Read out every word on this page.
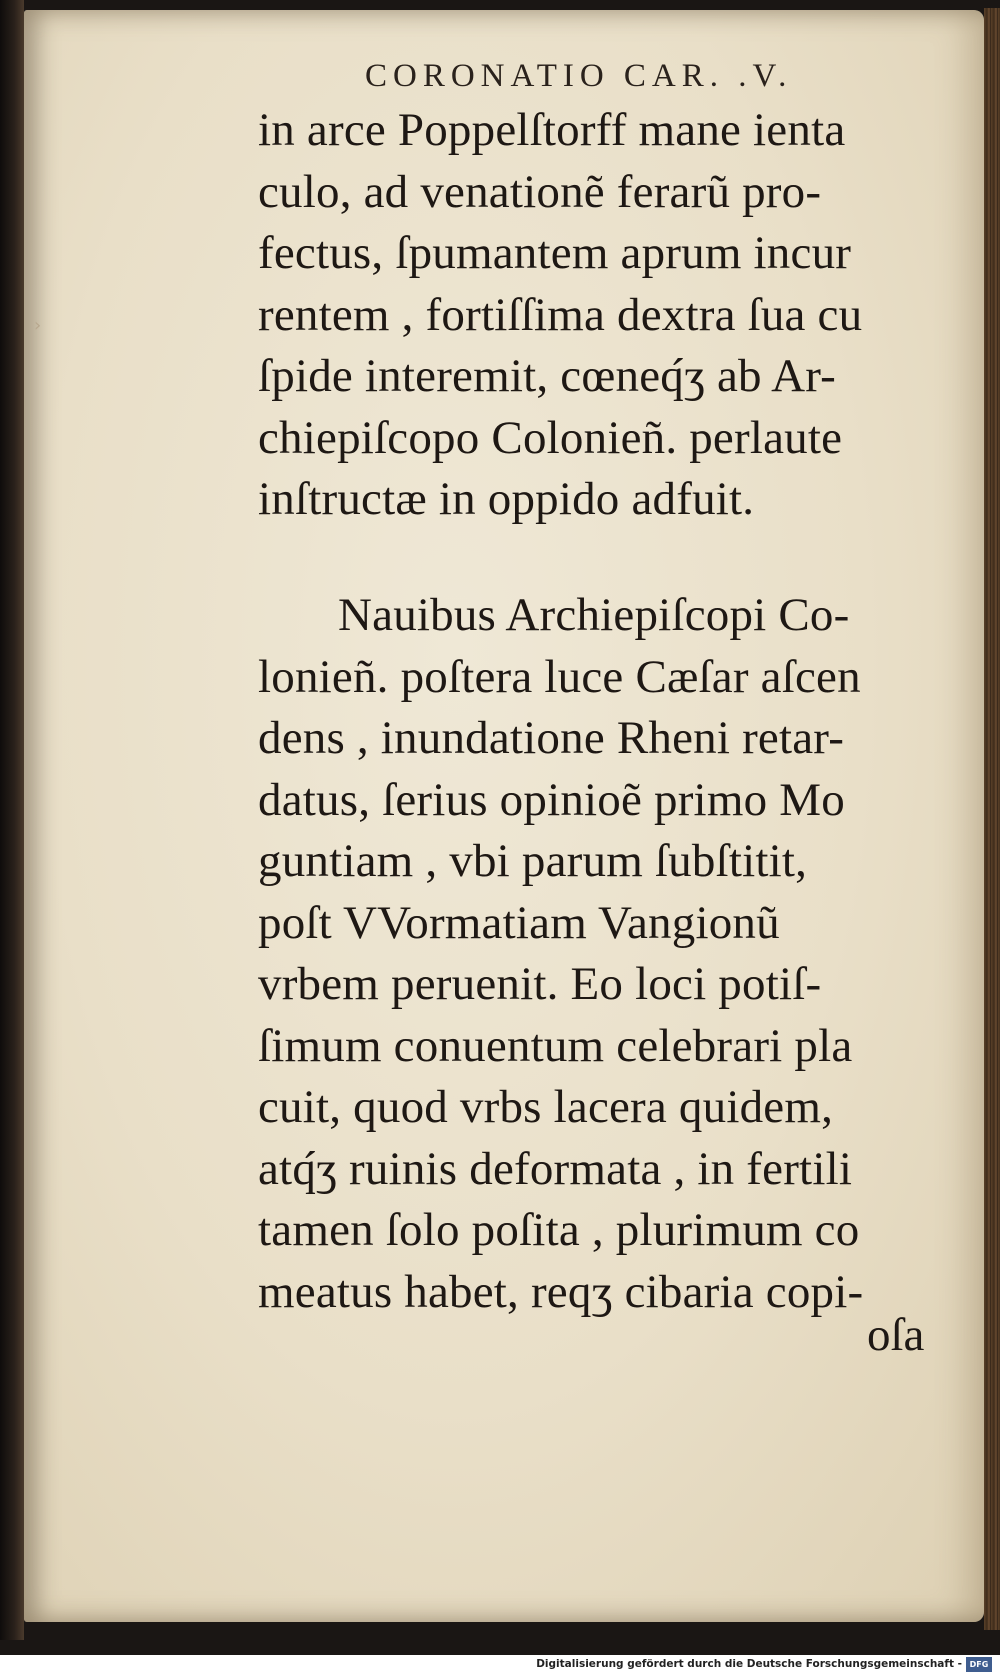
›
CORONATIO CAR. .V.
in arce Poppelſtorff mane ienta
culo, ad venationẽ ferarũ pro-
fectus, ſpumantem aprum incur
rentem , fortiſſima dextra ſua cu
ſpide interemit, cœneq́ʒ ab Ar-
chiepiſcopo Colonieñ. perlaute
inſtructæ in oppido adfuit.
Nauibus Archiepiſcopi Co-
lonieñ. poſtera luce Cæſar aſcen
dens , inundatione Rheni retar-
datus, ſerius opinioẽ primo Mo
guntiam , vbi parum ſubſtitit,
poſt VVormatiam Vangionũ
vrbem peruenit. Eo loci potiſ-
ſimum conuentum celebrari pla
cuit, quod vrbs lacera quidem,
atq́ʒ ruinis deformata , in fertili
tamen ſolo poſita , plurimum co
meatus habet, reqʒ cibaria copi-
oſa
Digitalisierung gefördert durch die Deutsche Forschungsgemeinschaft - DFG
